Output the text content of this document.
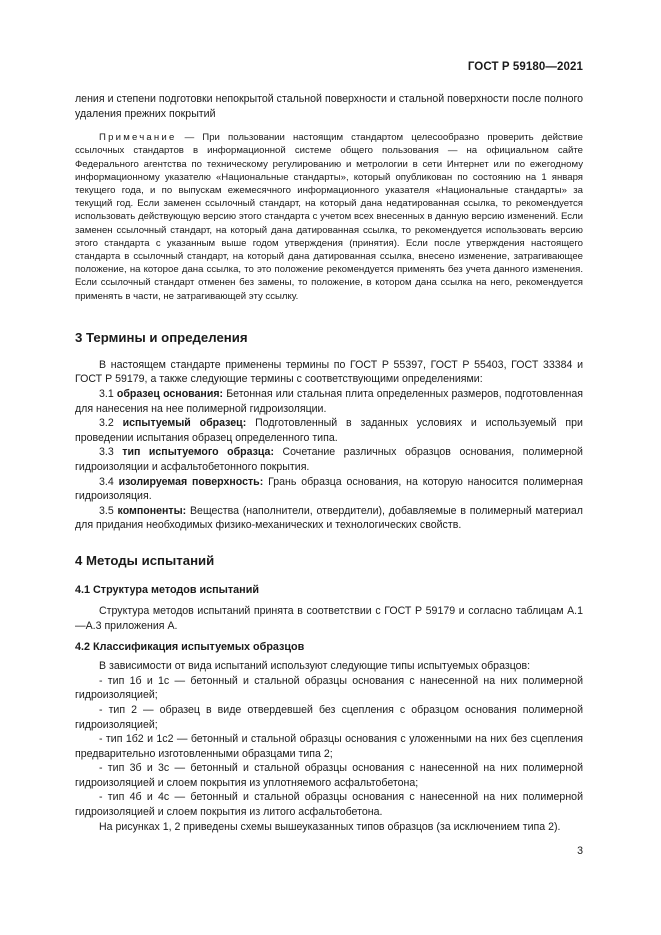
ГОСТ Р 59180—2021

ления и степени подготовки непокрытой стальной поверхности и стальной поверхности после полного удаления прежних покрытий

Примечание — При пользовании настоящим стандартом целесообразно проверить действие ссылочных стандартов в информационной системе общего пользования — на официальном сайте Федерального агентства по техническому регулированию и метрологии в сети Интернет или по ежегодному информационному указателю «Национальные стандарты», который опубликован по состоянию на 1 января текущего года, и по выпускам ежемесячного информационного указателя «Национальные стандарты» за текущий год. Если заменен ссылочный стандарт, на который дана недатированная ссылка, то рекомендуется использовать действующую версию этого стандарта с учетом всех внесенных в данную версию изменений. Если заменен ссылочный стандарт, на который дана датированная ссылка, то рекомендуется использовать версию этого стандарта с указанным выше годом утверждения (принятия). Если после утверждения настоящего стандарта в ссылочный стандарт, на который дана датированная ссылка, внесено изменение, затрагивающее положение, на которое дана ссылка, то это положение рекомендуется применять без учета данного изменения. Если ссылочный стандарт отменен без замены, то положение, в котором дана ссылка на него, рекомендуется применять в части, не затрагивающей эту ссылку.

3 Термины и определения

В настоящем стандарте применены термины по ГОСТ Р 55397, ГОСТ Р 55403, ГОСТ 33384 и ГОСТ Р 59179, а также следующие термины с соответствующими определениями:

3.1 образец основания: Бетонная или стальная плита определенных размеров, подготовленная для нанесения на нее полимерной гидроизоляции.

3.2 испытуемый образец: Подготовленный в заданных условиях и используемый при проведении испытания образец определенного типа.

3.3 тип испытуемого образца: Сочетание различных образцов основания, полимерной гидроизоляции и асфальтобетонного покрытия.

3.4 изолируемая поверхность: Грань образца основания, на которую наносится полимерная гидроизоляция.

3.5 компоненты: Вещества (наполнители, отвердители), добавляемые в полимерный материал для придания необходимых физико-механических и технологических свойств.

4 Методы испытаний
4.1 Структура методов испытаний

Структура методов испытаний принята в соответствии с ГОСТ Р 59179 и согласно таблицам А.1—А.3 приложения А.

4.2 Классификация испытуемых образцов

В зависимости от вида испытаний используют следующие типы испытуемых образцов:

- тип 1б и 1с — бетонный и стальной образцы основания с нанесенной на них полимерной гидроизоляцией;

- тип 2 — образец в виде отвердевшей без сцепления с образцом основания полимерной гидроизоляцией;

- тип 1б2 и 1с2 — бетонный и стальной образцы основания с уложенными на них без сцепления предварительно изготовленными образцами типа 2;

- тип 3б и 3с — бетонный и стальной образцы основания с нанесенной на них полимерной гидроизоляцией и слоем покрытия из уплотняемого асфальтобетона;

- тип 4б и 4с — бетонный и стальной образцы основания с нанесенной на них полимерной гидроизоляцией и слоем покрытия из литого асфальтобетона.

На рисунках 1, 2 приведены схемы вышеуказанных типов образцов (за исключением типа 2).

3
